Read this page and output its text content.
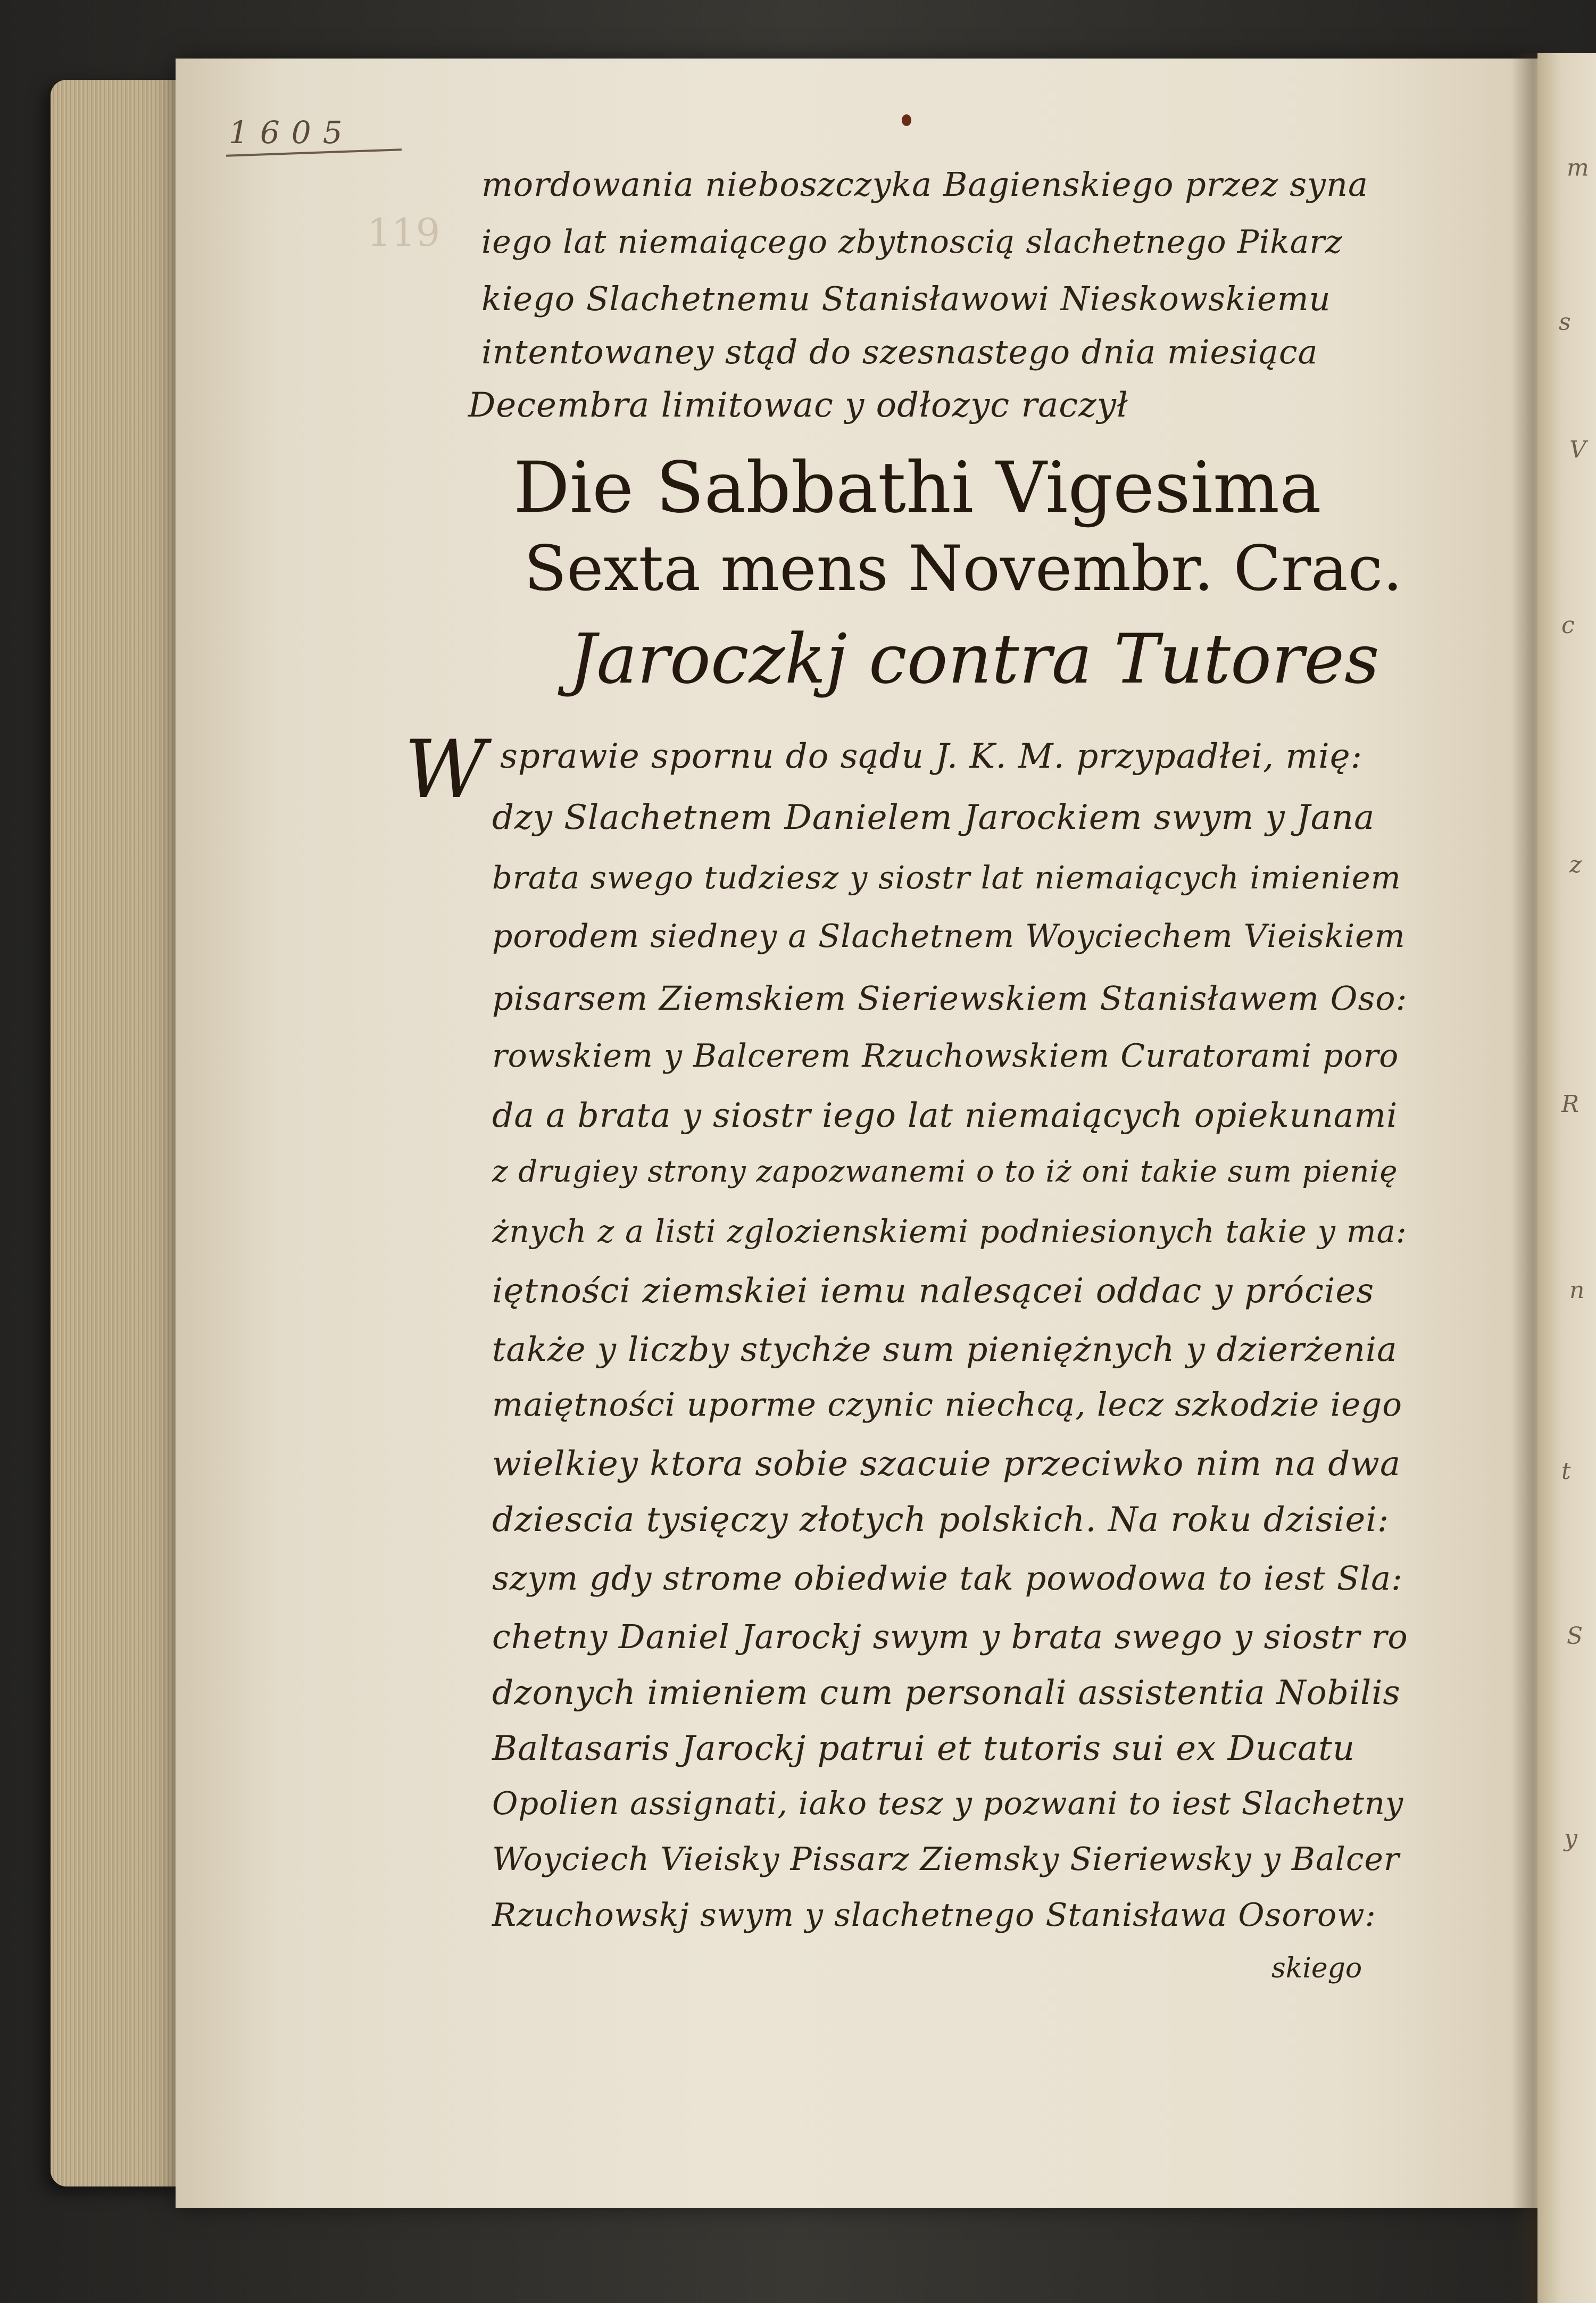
m
s
V
c
z
R
n
t
S
y
1605
119
mordowania nieboszczyka Bagienskiego przez syna
iego lat niemaiącego zbytnoscią slachetnego Pikarz
kiego Slachetnemu Stanisławowi Nieskowskiemu
intentowaney stąd do szesnastego dnia miesiąca
Decembra limitowac y odłozyc raczył
Die Sabbathi Vigesima
Sexta mens Novembr. Crac.
Jaroczkj contra Tutores
W sprawie spornu do sądu J. K. M. przypadłei, mię:
dzy Slachetnem Danielem Jarockiem swym y Jana
brata swego tudziesz y siostr lat niemaiących imieniem
porodem siedney a Slachetnem Woyciechem Vieiskiem
pisarsem Ziemskiem Sieriewskiem Stanisławem Oso:
rowskiem y Balcerem Rzuchowskiem Curatorami poro
da a brata y siostr iego lat niemaiących opiekunami
z drugiey strony zapozwanemi o to iż oni takie sum pienię
żnych z a listi zglozienskiemi podniesionych takie y ma:
iętności ziemskiei iemu nalesącei oddac y prócies
także y liczby stychże sum pieniężnych y dzierżenia
maiętności uporme czynic niechcą, lecz szkodzie iego
wielkiey ktora sobie szacuie przeciwko nim na dwa
dziescia tysięczy złotych polskich. Na roku dzisiei:
szym gdy strome obiedwie tak powodowa to iest Sla:
chetny Daniel Jarockj swym y brata swego y siostr ro
dzonych imieniem cum personali assistentia Nobilis
Baltasaris Jarockj patrui et tutoris sui ex Ducatu
Opolien assignati, iako tesz y pozwani to iest Slachetny
Woyciech Vieisky Pissarz Ziemsky Sieriewsky y Balcer
Rzuchowskj swym y slachetnego Stanisława Osorow:
skiego
